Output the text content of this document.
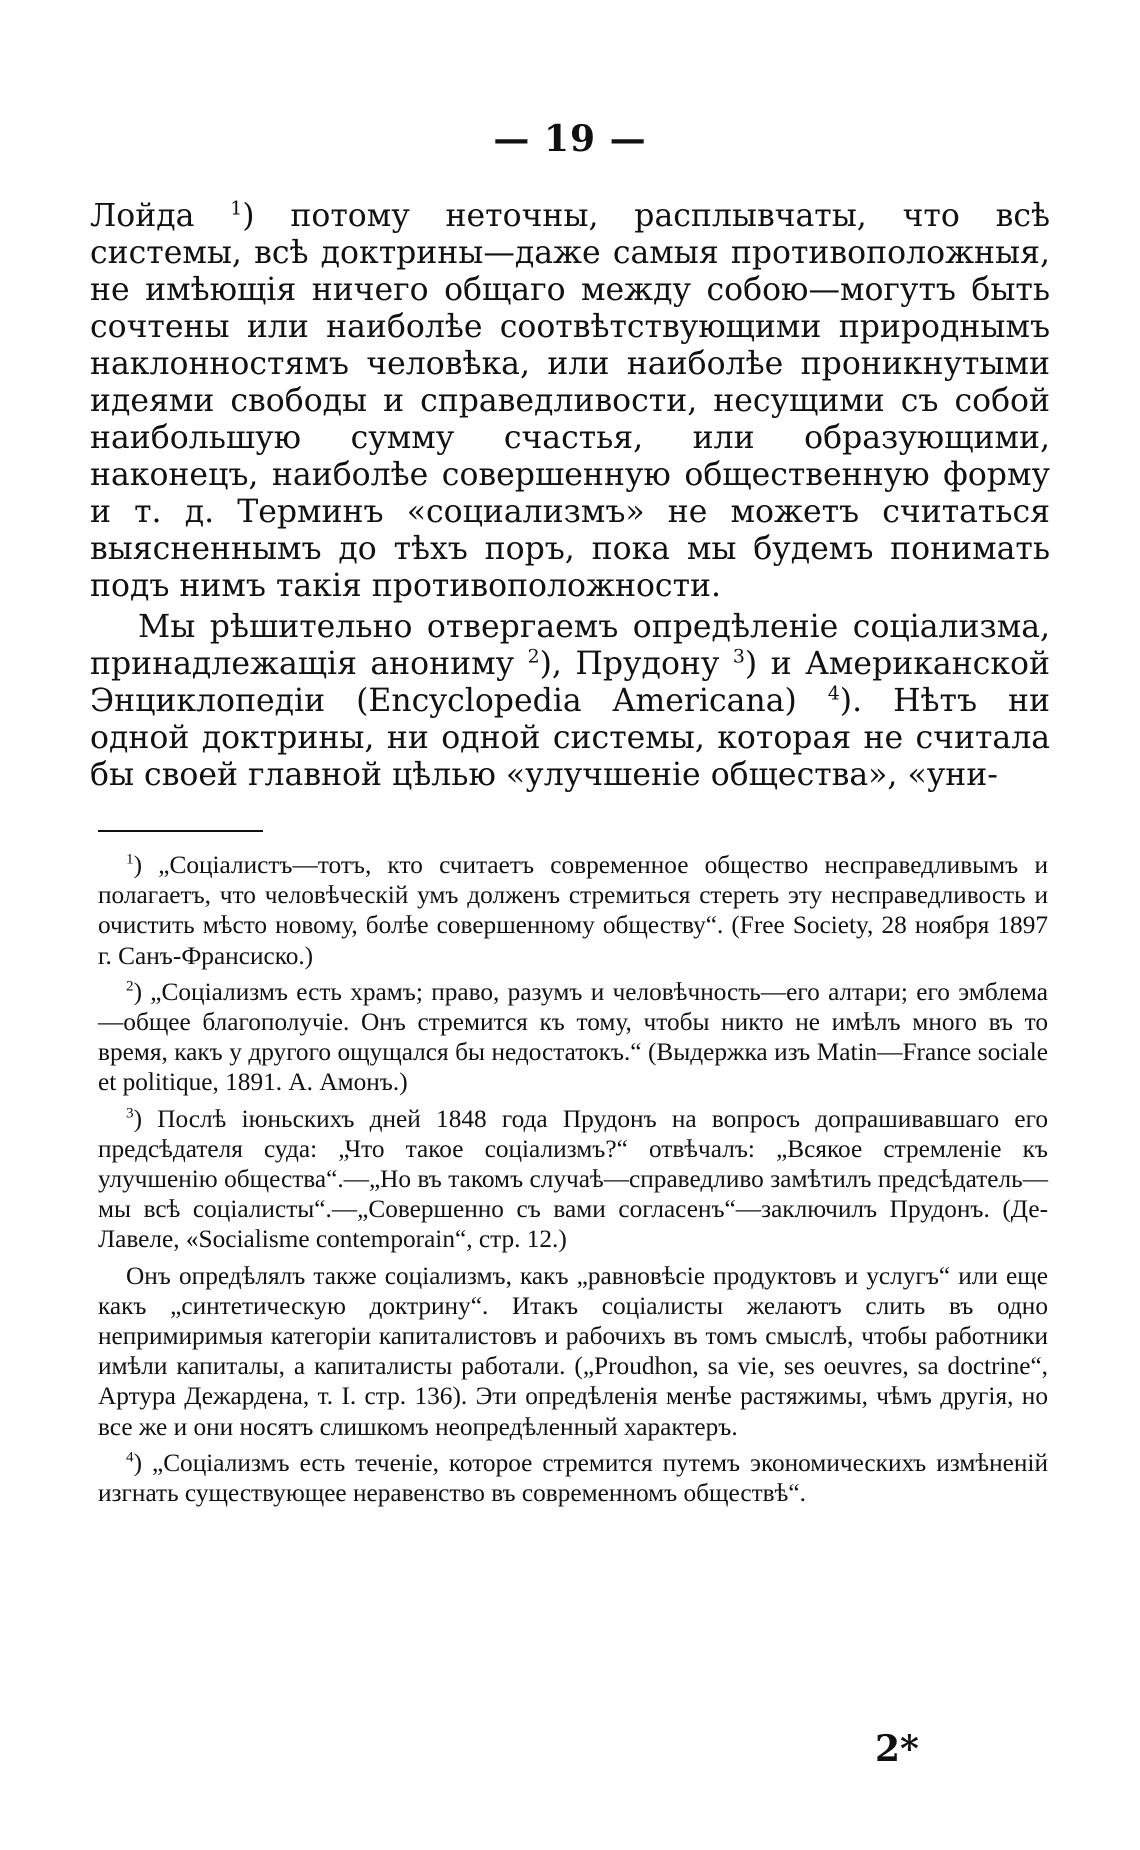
— 19 —

Лойда $^1$) потому неточны, расплывчаты, что всѣ системы, всѣ доктрины—даже самыя противоположныя, не имѣющія ничего общаго между собою—могутъ быть сочтены или наиболѣе соотвѣтствующими природнымъ наклонностямъ человѣка, или наиболѣе проникнутыми идеями свободы и справедливости, несущими съ собой наибольшую сумму счастья, или образующими, наконецъ, наиболѣе совершенную общественную форму и т. д. Терминъ «социализмъ» не можетъ считаться выясненнымъ до тѣхъ поръ, пока мы будемъ понимать подъ нимъ такія противоположности.

Мы рѣшительно отвергаемъ опредѣленіе соціализма, принадлежащія анониму $^2$), Прудону $^3$) и Американской Энциклопедіи (Encyclopedia Americana) $^4$). Нѣтъ ни одной доктрины, ни одной системы, которая не считала бы своей главной цѣлью «улучшеніе общества», «уни-

$^1$) „Соціалистъ—тотъ, кто считаетъ современное общество несправедливымъ и полагаетъ, что человѣческій умъ долженъ стремиться стереть эту несправедливость и очистить мѣсто новому, болѣе совершенному обществу“. (Free Society, 28 ноября 1897 г. Санъ-Франсиско.)

$^2$) „Соціализмъ есть храмъ; право, разумъ и человѣчность—его алтари; его эмблема—общее благополучіе. Онъ стремится къ тому, чтобы никто не имѣлъ много въ то время, какъ у другого ощущался бы недостатокъ.“ (Выдержка изъ Matin—France sociale et politique, 1891. А. Амонъ.)

$^3$) Послѣ іюньскихъ дней 1848 года Прудонъ на вопросъ допрашивавшаго его предсѣдателя суда: „Что такое соціализмъ?“ отвѣчалъ: „Всякое стремленіе къ улучшенію общества“.—„Но въ такомъ случаѣ—справедливо замѣтилъ предсѣдатель—мы всѣ соціалисты“.—„Совершенно съ вами согласенъ“—заключилъ Прудонъ. (Де-Лавеле, «Socialisme contemporain“, стр. 12.)

Онъ опредѣлялъ также соціализмъ, какъ „равновѣсіе продуктовъ и услугъ“ или еще какъ „синтетическую доктрину“. Итакъ соціалисты желаютъ слить въ одно непримиримыя категоріи капиталистовъ и рабочихъ въ томъ смыслѣ, чтобы работники имѣли капиталы, а капиталисты работали. („Proudhon, sa vie, ses oeuvres, sa doctrine“, Артура Дежардена, т. I. стр. 136). Эти опредѣленія менѣе растяжимы, чѣмъ другія, но все же и они носятъ слишкомъ неопредѣленный характеръ.

$^4$) „Соціализмъ есть теченіе, которое стремится путемъ экономическихъ измѣненій изгнать существующее неравенство въ современномъ обществѣ“.

2*
